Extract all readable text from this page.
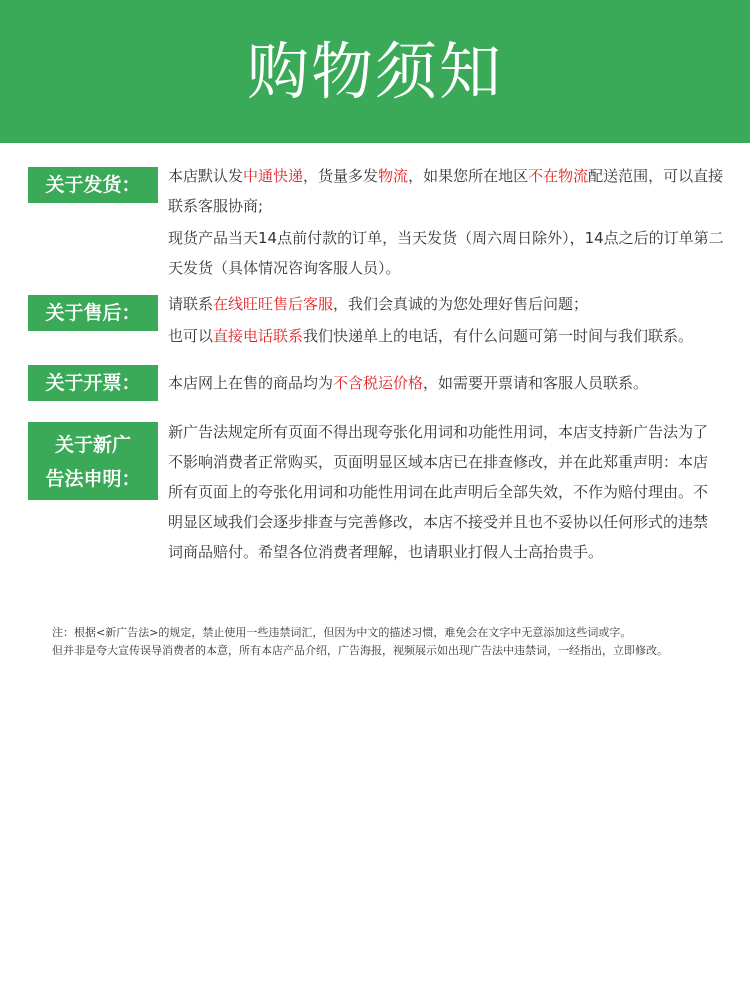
购物须知
关于发货：	本店默认发中通快递，货量多发物流，如果您所在地区不在物流配送范围，可以直接联系客服协商;

现货产品当天14点前付款的订单，当天发货（周六周日除外），14点之后的订单第二天发货（具体情况咨询客服人员）。

关于售后：	请联系在线旺旺售后客服，我们会真诚的为您处理好售后问题；

也可以直接电话联系我们快递单上的电话，有什么问题可第一时间与我们联系。

关于开票：	本店网上在售的商品均为不含税运价格，如需要开票请和客服人员联系。

关于新广
告法申明：

新广告法规定所有页面不得出现夸张化用词和功能性用词，本店支持新广告法为了不影响消费者正常购买，页面明显区域本店已在排查修改，并在此郑重声明：本店所有页面上的夸张化用词和功能性用词在此声明后全部失效，不作为赔付理由。不明显区域我们会逐步排查与完善修改，本店不接受并且也不妥协以任何形式的违禁词商品赔付。希望各位消费者理解，也请职业打假人士高抬贵手。

注：根据<新广告法>的规定，禁止使用一些违禁词汇，但因为中文的描述习惯，难免会在文字中无意添加这些词或字。

但并非是夸大宣传误导消费者的本意，所有本店产品介绍，广告海报，视频展示如出现广告法中违禁词，一经指出，立即修改。
